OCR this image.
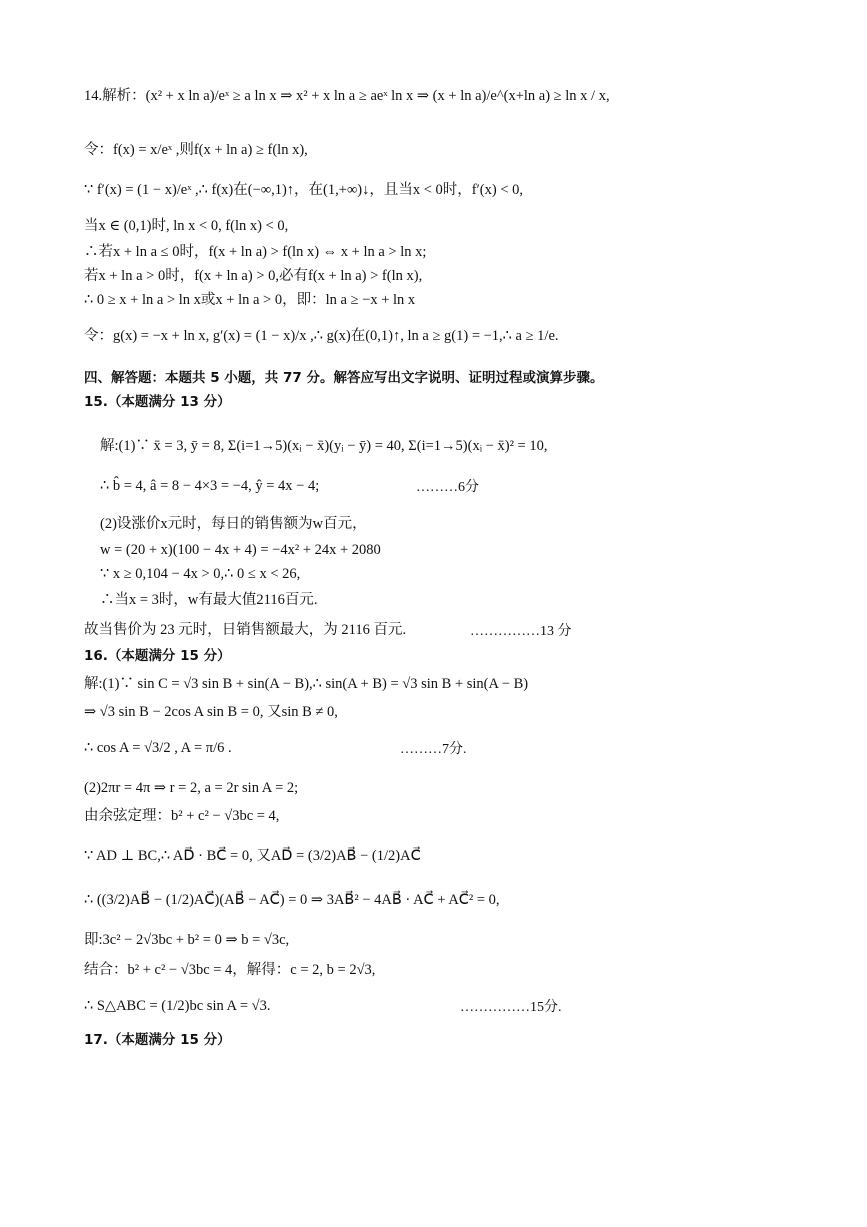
14.解析：(x² + x ln a)/eˣ ≥ a ln x ⇒ x² + x ln a ≥ aeˣ ln x ⇒ (x + ln a)/e^(x+ln a) ≥ ln x / x,
令：f(x) = x/eˣ ,则f(x + ln a) ≥ f(ln x),
∵ f′(x) = (1 − x)/eˣ ,∴ f(x)在(−∞,1)↑，在(1,+∞)↓，且当x < 0时，f′(x) < 0,
当x ∈ (0,1)时, ln x < 0, f(ln x) < 0,
∴若x + ln a ≤ 0时，f(x + ln a) > f(ln x) ⇔ x + ln a > ln x;
若x + ln a > 0时，f(x + ln a) > 0,必有f(x + ln a) > f(ln x),
∴ 0 ≥ x + ln a > ln x或x + ln a > 0，即：ln a ≥ −x + ln x
令：g(x) = −x + ln x, g′(x) = (1 − x)/x ,∴ g(x)在(0,1)↑, ln a ≥ g(1) = −1,∴ a ≥ 1/e.
四、解答题：本题共 5 小题，共 77 分。解答应写出文字说明、证明过程或演算步骤。
15.（本题满分 13 分）
解:(1)∵ x̄ = 3, ȳ = 8, Σ(i=1→5)(xᵢ − x̄)(yᵢ − ȳ) = 40, Σ(i=1→5)(xᵢ − x̄)² = 10,
∴ b̂ = 4, â = 8 − 4×3 = −4, ŷ = 4x − 4;	………6分
(2)设涨价x元时，每日的销售额为w百元，
w = (20 + x)(100 − 4x + 4) = −4x² + 24x + 2080
∵ x ≥ 0,104 − 4x > 0,∴ 0 ≤ x < 26,
∴当x = 3时，w有最大值2116百元.
故当售价为 23 元时，日销售额最大，为 2116 百元.	……………13 分
16.（本题满分 15 分）
解:(1)∵ sin C = √3 sin B + sin(A − B),∴ sin(A + B) = √3 sin B + sin(A − B)
⇒ √3 sin B − 2cos A sin B = 0, 又sin B ≠ 0,
∴ cos A = √3/2 , A = π/6 .	………7分.
(2)2πr = 4π ⇒ r = 2, a = 2r sin A = 2;
由余弦定理：b² + c² − √3bc = 4,
∵ AD ⊥ BC,∴ AD⃗ · BC⃗ = 0, 又AD⃗ = (3/2)AB⃗ − (1/2)AC⃗
∴ ((3/2)AB⃗ − (1/2)AC⃗)(AB⃗ − AC⃗) = 0 ⇒ 3AB⃗² − 4AB⃗ · AC⃗ + AC⃗² = 0,
即:3c² − 2√3bc + b² = 0 ⇒ b = √3c,
结合：b² + c² − √3bc = 4，解得：c = 2, b = 2√3,
∴ S△ABC = (1/2)bc sin A = √3.	……………15分.
17.（本题满分 15 分）
